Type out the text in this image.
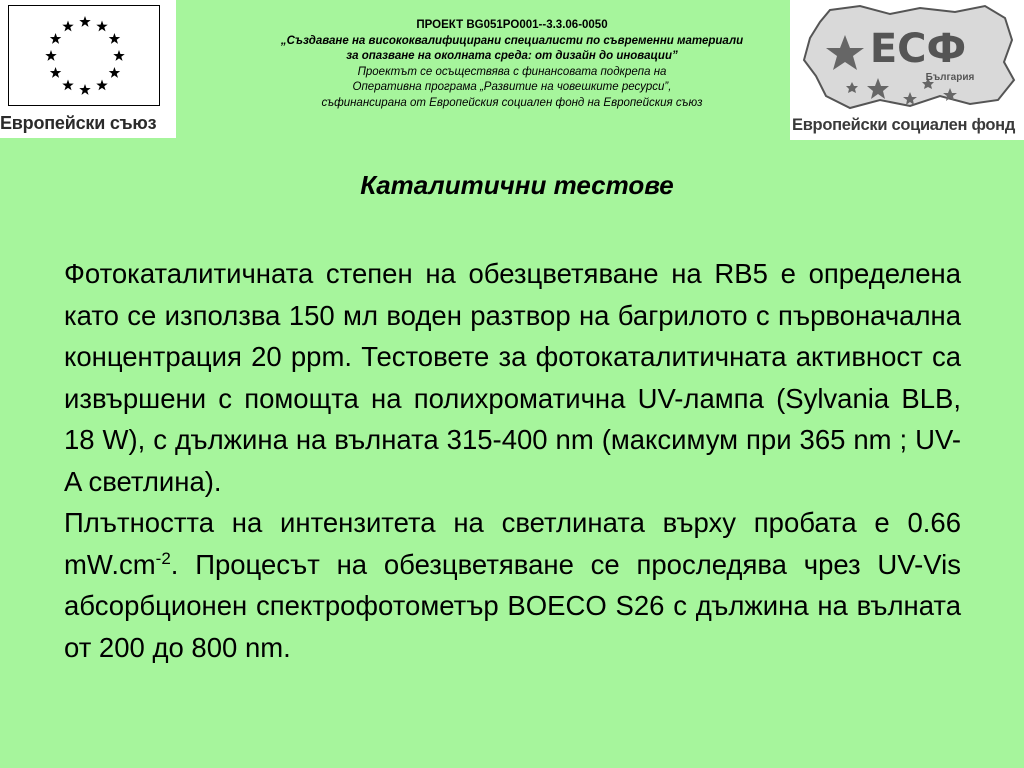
Европейски съюз
ПРОЕКТ BG051PO001--3.3.06-0050
„Създаване на висококвалифицирани специалисти по съвременни материали
за опазване на околната среда: от дизайн до иновации”
Проектът се осъществява с финансовата подкрепа на
Оперативна програма „Развитие на човешките ресурси”,
съфинансирана от Европейския социален фонд на Европейския съюз
ЕСФ
България
Европейски социален фонд
Каталитични тестове

Фотокаталитичната степен на обезцветяване на RB5 е определена като се използва 150 мл воден разтвор на багрилото с първоначална концентрация 20 ppm. Тестовете за фотокаталитичната активност са извършени с помощта на полихроматична UV-лампа (Sylvania BLB, 18 W), с дължина на вълната 315-400 nm (максимум при 365 nm ; UV-A светлина).

Плътността на интензитета на светлината върху пробата е 0.66 $mW.cm^{-2}$. Процесът на обезцветяване се проследява чрез UV-Vis абсорбционен спектрофотометър BOECO S26 с дължина на вълната от 200 до 800 nm.
